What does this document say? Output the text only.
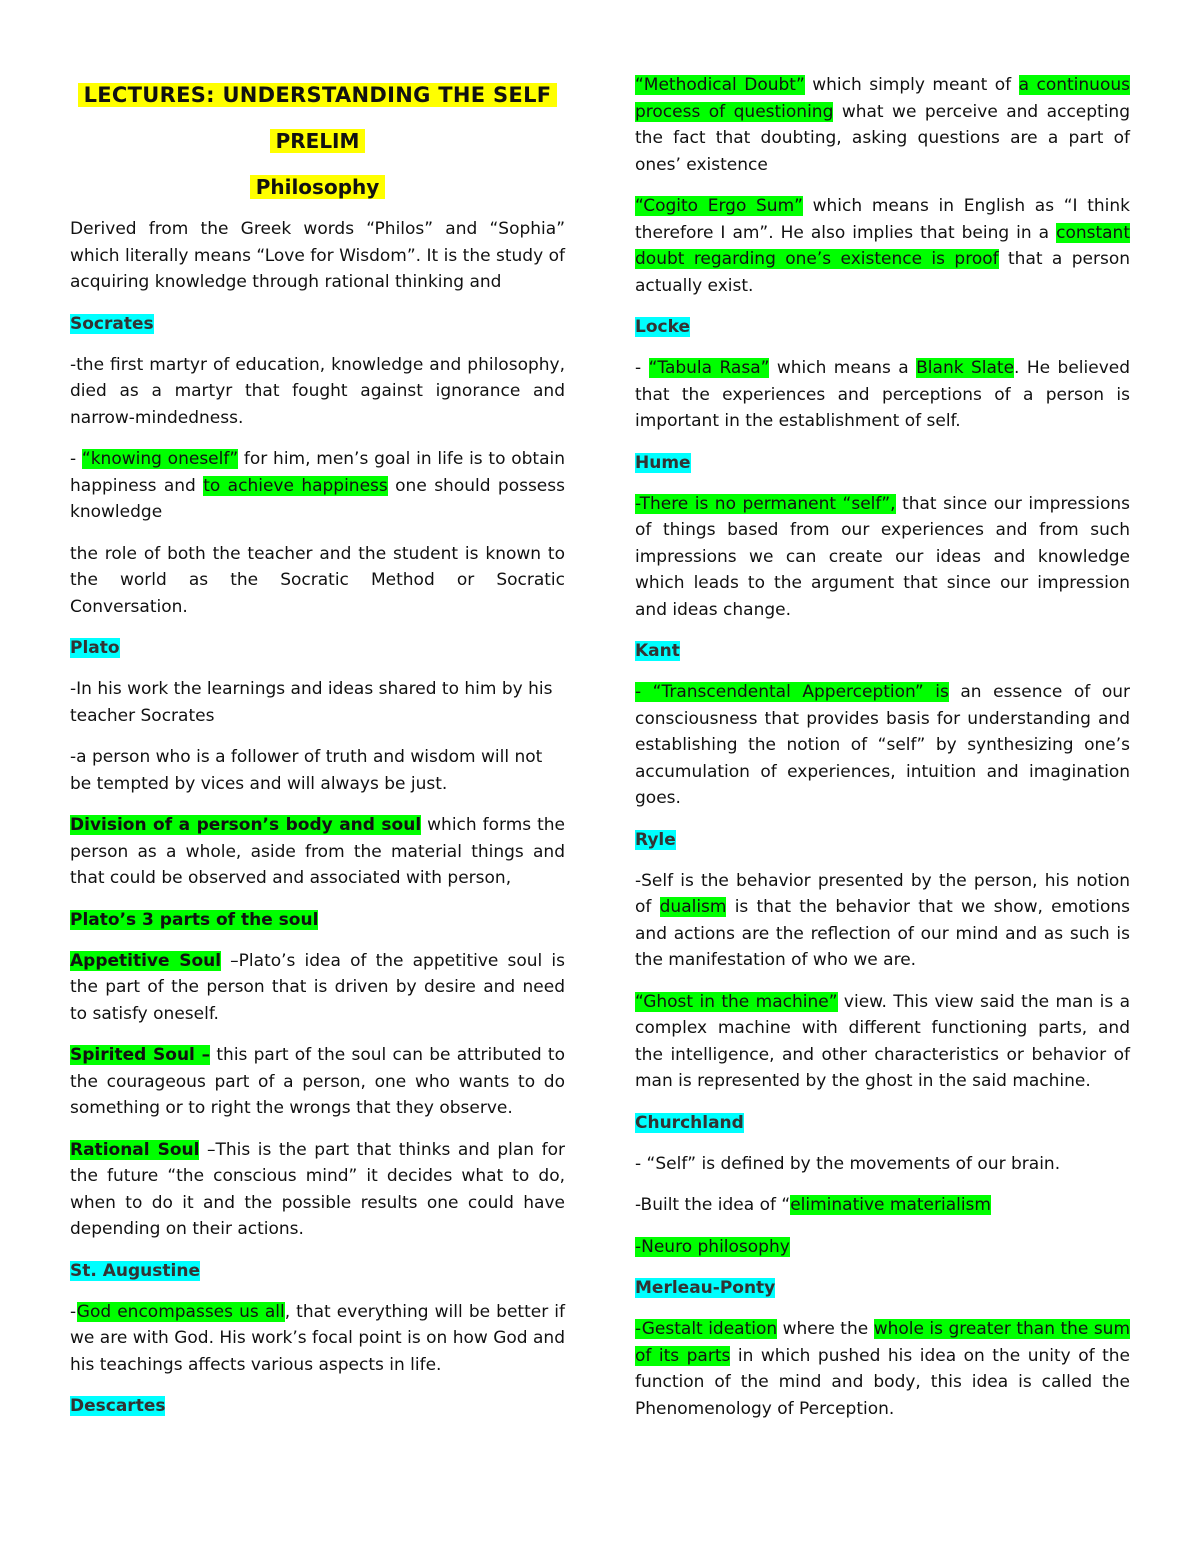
LECTURES: UNDERSTANDING THE SELF
PRELIM
Philosophy

Derived from the Greek words “Philos” and “Sophia” which literally means “Love for Wisdom”. It is the study of acquiring knowledge through rational thinking and

Socrates

-the first martyr of education, knowledge and philosophy, died as a martyr that fought against ignorance and narrow-mindedness.

- “knowing oneself” for him, men’s goal in life is to obtain happiness and to achieve happiness one should possess knowledge

the role of both the teacher and the student is known to the world as the Socratic Method or Socratic Conversation.

Plato

-In his work the learnings and ideas shared to him by his teacher Socrates

-a person who is a follower of truth and wisdom will not be tempted by vices and will always be just.

Division of a person’s body and soul which forms the person as a whole, aside from the material things and that could be observed and associated with person,

Plato’s 3 parts of the soul

Appetitive Soul –Plato’s idea of the appetitive soul is the part of the person that is driven by desire and need to satisfy oneself.

Spirited Soul – this part of the soul can be attributed to the courageous part of a person, one who wants to do something or to right the wrongs that they observe.

Rational Soul –This is the part that thinks and plan for the future “the conscious mind” it decides what to do, when to do it and the possible results one could have depending on their actions.

St. Augustine

-God encompasses us all, that everything will be better if we are with God. His work’s focal point is on how God and his teachings affects various aspects in life.

Descartes

“Methodical Doubt” which simply meant of a continuous process of questioning what we perceive and accepting the fact that doubting, asking questions are a part of ones’ existence

“Cogito Ergo Sum” which means in English as “I think therefore I am”. He also implies that being in a constant doubt regarding one’s existence is proof that a person actually exist.

Locke

- “Tabula Rasa” which means a Blank Slate. He believed that the experiences and perceptions of a person is important in the establishment of self.

Hume

-There is no permanent “self”, that since our impressions of things based from our experiences and from such impressions we can create our ideas and knowledge which leads to the argument that since our impression and ideas change.

Kant

- “Transcendental Apperception” is an essence of our consciousness that provides basis for understanding and establishing the notion of “self” by synthesizing one’s accumulation of experiences, intuition and imagination goes.

Ryle

-Self is the behavior presented by the person, his notion of dualism is that the behavior that we show, emotions and actions are the reflection of our mind and as such is the manifestation of who we are.

“Ghost in the machine” view. This view said the man is a complex machine with different functioning parts, and the intelligence, and other characteristics or behavior of man is represented by the ghost in the said machine.

Churchland

- “Self” is defined by the movements of our brain.

-Built the idea of “eliminative materialism

-Neuro philosophy

Merleau-Ponty

-Gestalt ideation where the whole is greater than the sum of its parts in which pushed his idea on the unity of the function of the mind and body, this idea is called the Phenomenology of Perception.
